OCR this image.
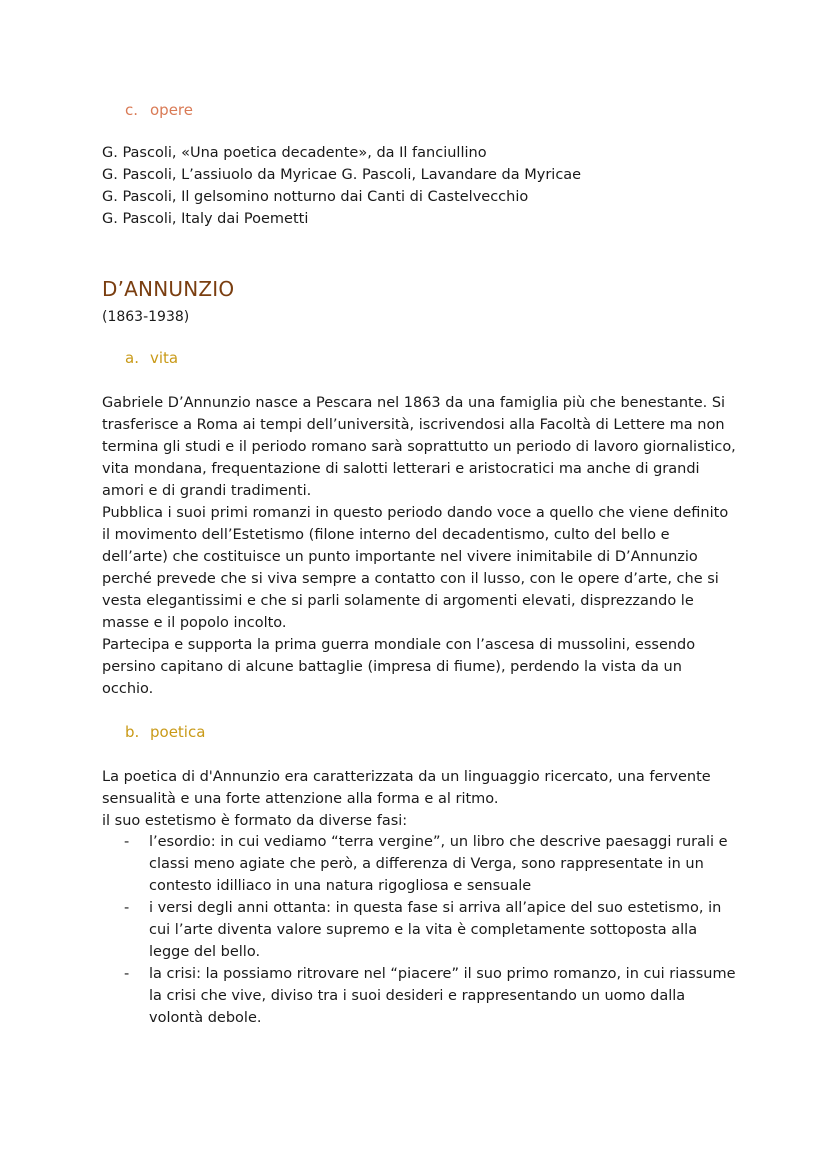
c. opere
G. Pascoli, «Una poetica decadente», da Il fanciullino
G. Pascoli, L’assiuolo da Myricae G. Pascoli, Lavandare da Myricae
G. Pascoli, Il gelsomino notturno dai Canti di Castelvecchio
G. Pascoli, Italy dai Poemetti
D’ANNUNZIO

(1863-1938)

a. vita

Gabriele D’Annunzio nasce a Pescara nel 1863 da una famiglia più che benestante. Si trasferisce a Roma ai tempi dell’università, iscrivendosi alla Facoltà di Lettere ma non termina gli studi e il periodo romano sarà soprattutto un periodo di lavoro giornalistico, vita mondana, frequentazione di salotti letterari e aristocratici ma anche di grandi amori e di grandi tradimenti.
Pubblica i suoi primi romanzi in questo periodo dando voce a quello che viene definito il movimento dell’Estetismo (filone interno del decadentismo, culto del bello e dell’arte) che costituisce un punto importante nel vivere inimitabile di D’Annunzio perché prevede che si viva sempre a contatto con il lusso, con le opere d’arte, che si vesta elegantissimi e che si parli solamente di argomenti elevati, disprezzando le masse e il popolo incolto.
Partecipa e supporta la prima guerra mondiale con l’ascesa di mussolini, essendo persino capitano di alcune battaglie (impresa di fiume), perdendo la vista da un occhio.

b. poetica

La poetica di d'Annunzio era caratterizzata da un linguaggio ricercato, una fervente sensualità e una forte attenzione alla forma e al ritmo.
il suo estetismo è formato da diverse fasi:

- l’esordio: in cui vediamo “terra vergine”, un libro che descrive paesaggi rurali e classi meno agiate che però, a differenza di Verga, sono rappresentate in un contesto idilliaco in una natura rigogliosa e sensuale
- i versi degli anni ottanta: in questa fase si arriva all’apice del suo estetismo, in cui l’arte diventa valore supremo e la vita è completamente sottoposta alla legge del bello.
- la crisi: la possiamo ritrovare nel “piacere” il suo primo romanzo, in cui riassume la crisi che vive, diviso tra i suoi desideri e rappresentando un uomo dalla volontà debole.
